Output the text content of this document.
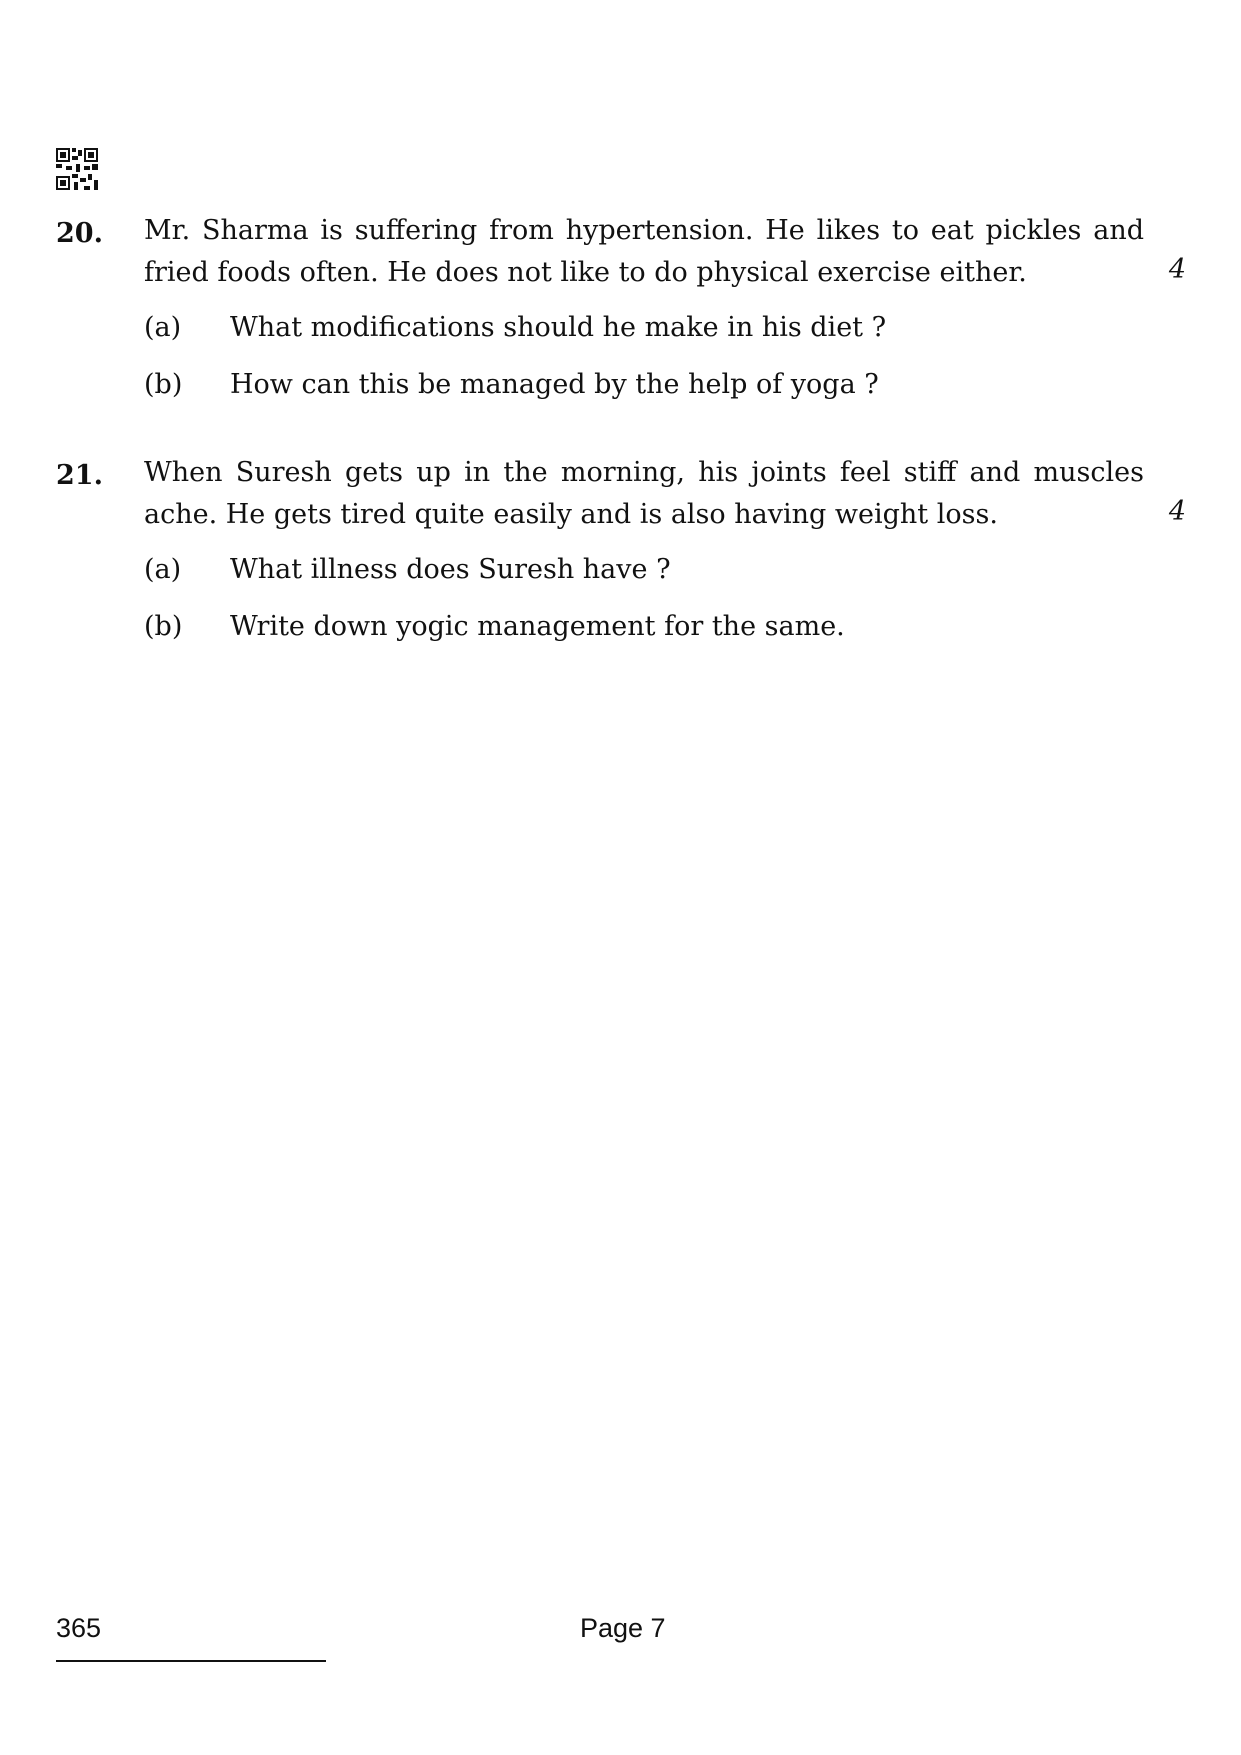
20. Mr. Sharma is suffering from hypertension. He likes to eat pickles and fried foods often. He does not like to do physical exercise either.	4
(a) What modifications should he make in his diet ?
(b) How can this be managed by the help of yoga ?
21. When Suresh gets up in the morning, his joints feel stiff and muscles ache. He gets tired quite easily and is also having weight loss.	4
(a) What illness does Suresh have ?
(b) Write down yogic management for the same.
365	Page 7
